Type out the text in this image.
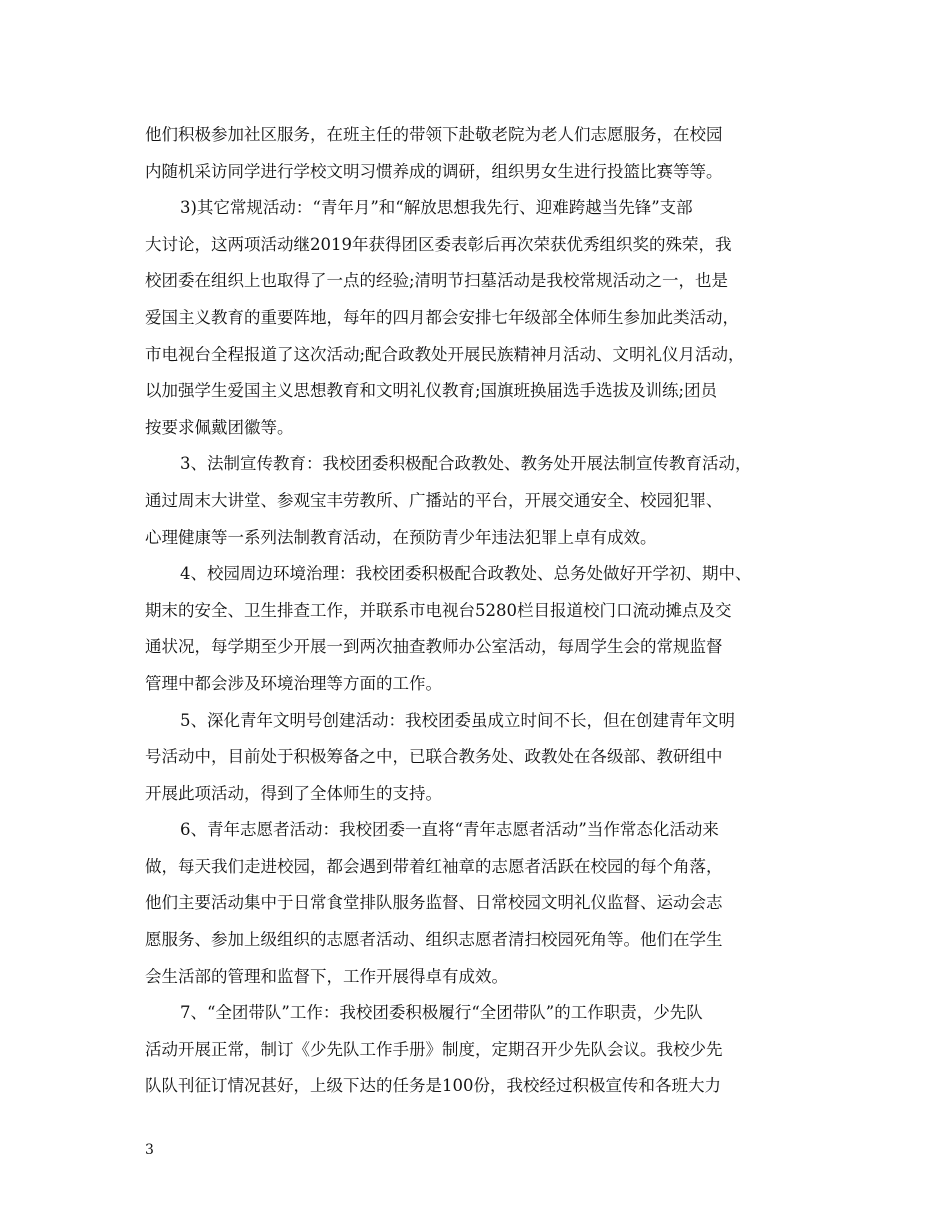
他们积极参加社区服务，在班主任的带领下赴敬老院为老人们志愿服务，在校园
内随机采访同学进行学校文明习惯养成的调研，组织男女生进行投篮比赛等等。
3)其它常规活动：“青年月”和“解放思想我先行、迎难跨越当先锋”支部
大讨论，这两项活动继2019年获得团区委表彰后再次荣获优秀组织奖的殊荣，我
校团委在组织上也取得了一点的经验;清明节扫墓活动是我校常规活动之一，也是
爱国主义教育的重要阵地，每年的四月都会安排七年级部全体师生参加此类活动，
市电视台全程报道了这次活动;配合政教处开展民族精神月活动、文明礼仪月活动，
以加强学生爱国主义思想教育和文明礼仪教育;国旗班换届选手选拔及训练;团员
按要求佩戴团徽等。
3、法制宣传教育：我校团委积极配合政教处、教务处开展法制宣传教育活动，
通过周末大讲堂、参观宝丰劳教所、广播站的平台，开展交通安全、校园犯罪、
心理健康等一系列法制教育活动，在预防青少年违法犯罪上卓有成效。
4、校园周边环境治理：我校团委积极配合政教处、总务处做好开学初、期中、
期末的安全、卫生排查工作，并联系市电视台5280栏目报道校门口流动摊点及交
通状况，每学期至少开展一到两次抽查教师办公室活动，每周学生会的常规监督
管理中都会涉及环境治理等方面的工作。
5、深化青年文明号创建活动：我校团委虽成立时间不长，但在创建青年文明
号活动中，目前处于积极筹备之中，已联合教务处、政教处在各级部、教研组中
开展此项活动，得到了全体师生的支持。
6、青年志愿者活动：我校团委一直将“青年志愿者活动”当作常态化活动来
做，每天我们走进校园，都会遇到带着红袖章的志愿者活跃在校园的每个角落，
他们主要活动集中于日常食堂排队服务监督、日常校园文明礼仪监督、运动会志
愿服务、参加上级组织的志愿者活动、组织志愿者清扫校园死角等。他们在学生
会生活部的管理和监督下，工作开展得卓有成效。
7、“全团带队”工作：我校团委积极履行“全团带队”的工作职责，少先队
活动开展正常，制订《少先队工作手册》制度，定期召开少先队会议。我校少先
队队刊征订情况甚好，上级下达的任务是100份，我校经过积极宣传和各班大力
3
